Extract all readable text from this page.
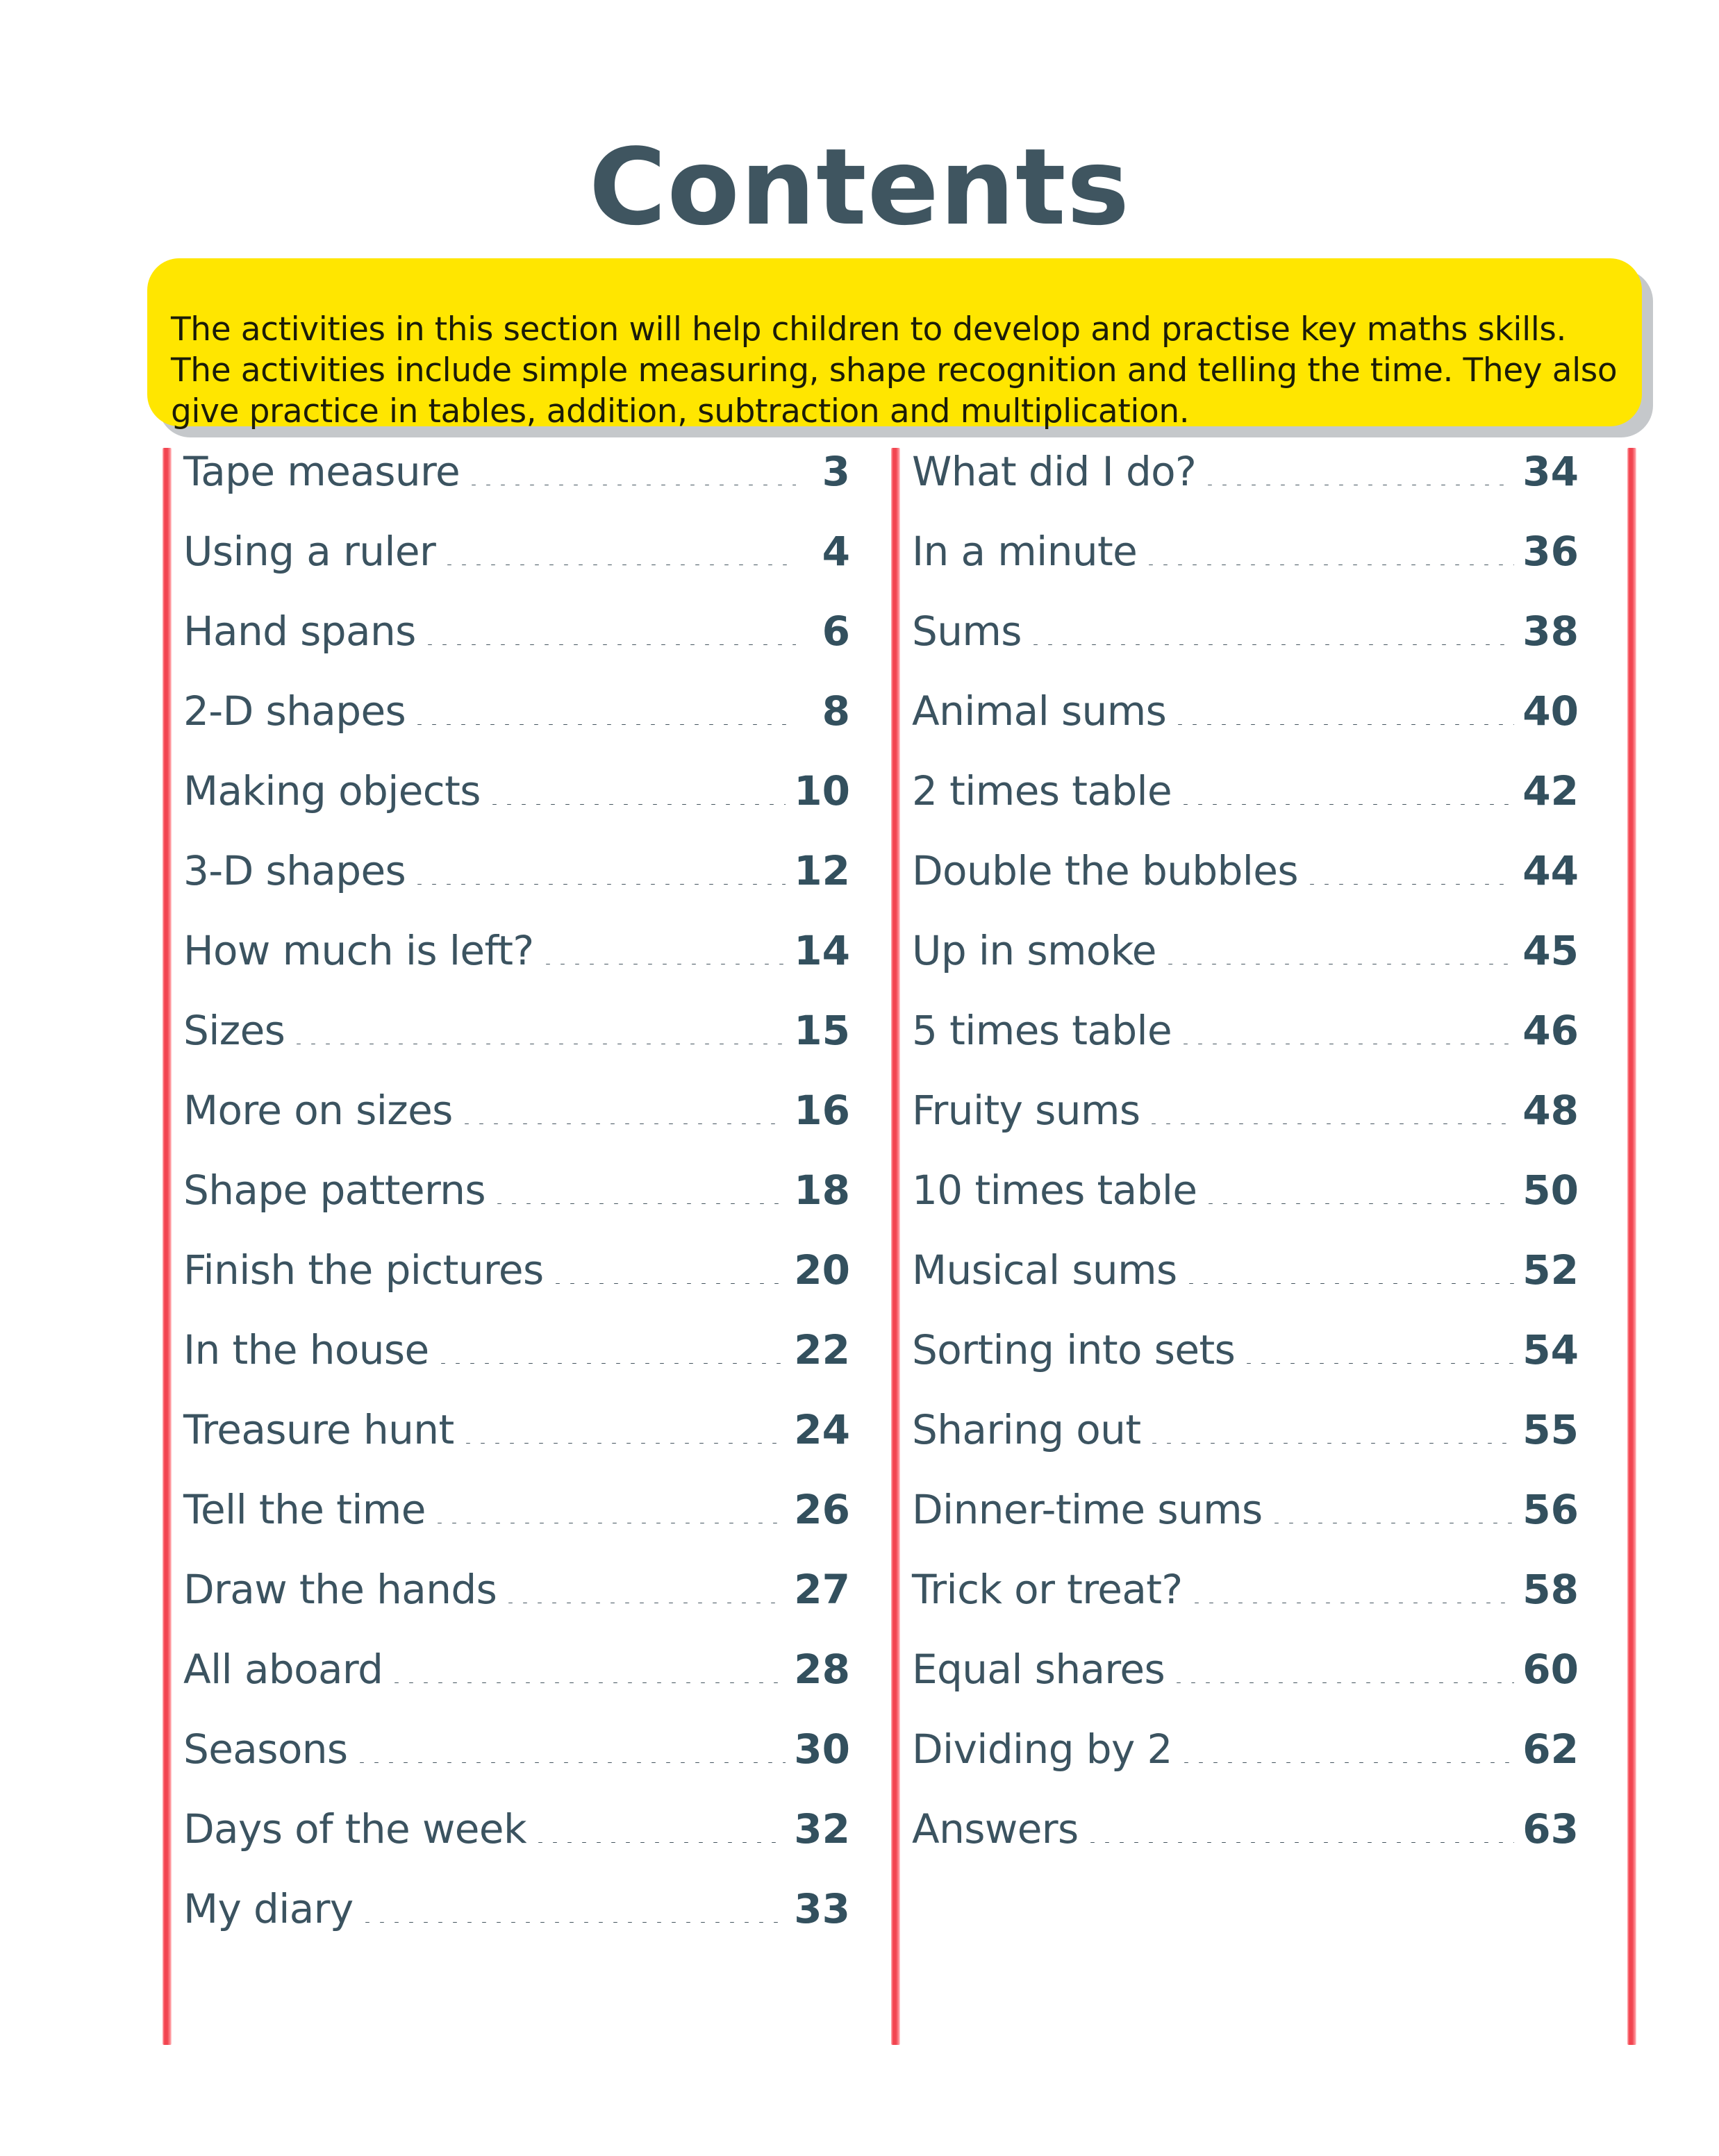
Contents

The activities in this section will help children to develop and practise key maths skills. The activities include simple measuring, shape recognition and telling the time. They also give practice in tables, addition, subtraction and multiplication.

Tape measure	3
Using a ruler	4
Hand spans	6
2-D shapes	8
Making objects	10
3-D shapes	12
How much is left?	14
Sizes	15
More on sizes	16
Shape patterns	18
Finish the pictures	20
In the house	22
Treasure hunt	24
Tell the time	26
Draw the hands	27
All aboard	28
Seasons	30
Days of the week	32
My diary	33
What did I do?	34
In a minute	36
Sums	38
Animal sums	40
2 times table	42
Double the bubbles	44
Up in smoke	45
5 times table	46
Fruity sums	48
10 times table	50
Musical sums	52
Sorting into sets	54
Sharing out	55
Dinner-time sums	56
Trick or treat?	58
Equal shares	60
Dividing by 2	62
Answers	63
